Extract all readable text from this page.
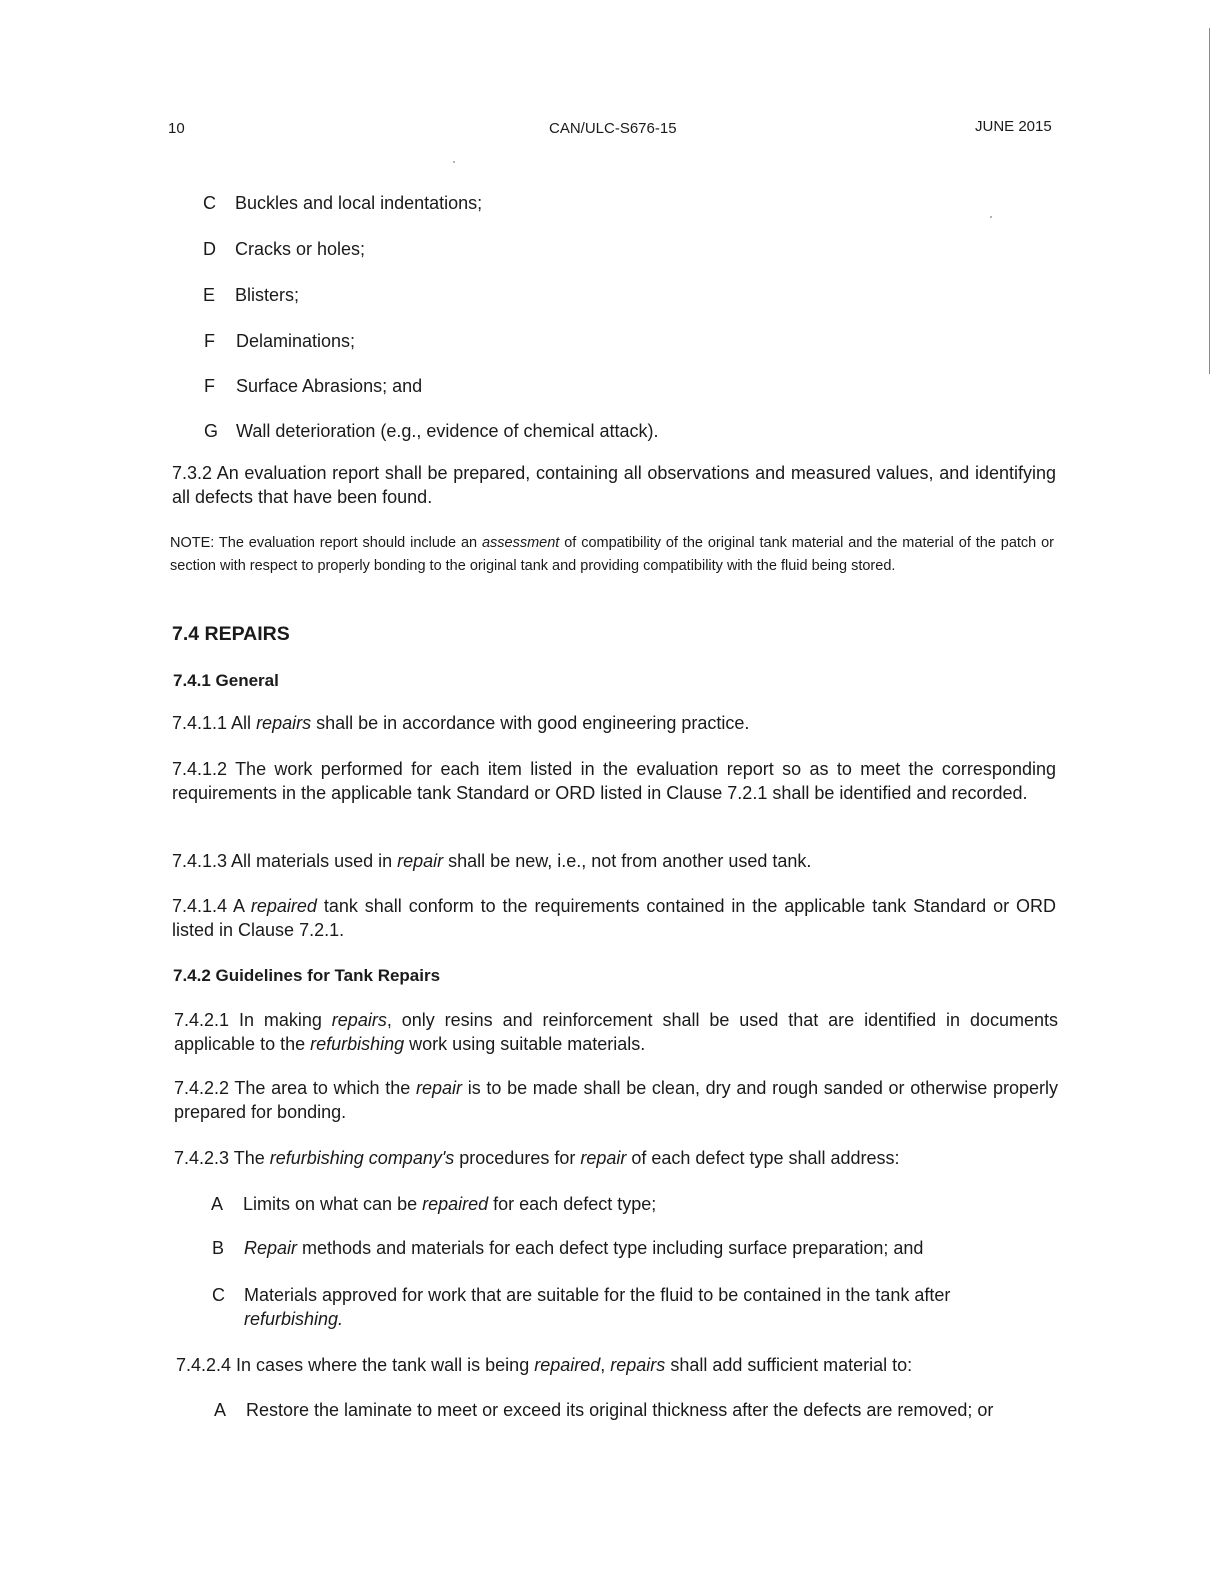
10	CAN/ULC-S676-15	JUNE 2015
C Buckles and local indentations;
D Cracks or holes;
E Blisters;
F Delaminations;
F Surface Abrasions; and
G Wall deterioration (e.g., evidence of chemical attack).
7.3.2 An evaluation report shall be prepared, containing all observations and measured values, and identifying all defects that have been found.
NOTE: The evaluation report should include an assessment of compatibility of the original tank material and the material of the patch or section with respect to properly bonding to the original tank and providing compatibility with the fluid being stored.
7.4 REPAIRS
7.4.1 General
7.4.1.1 All repairs shall be in accordance with good engineering practice.
7.4.1.2 The work performed for each item listed in the evaluation report so as to meet the corresponding requirements in the applicable tank Standard or ORD listed in Clause 7.2.1 shall be identified and recorded.
7.4.1.3 All materials used in repair shall be new, i.e., not from another used tank.
7.4.1.4 A repaired tank shall conform to the requirements contained in the applicable tank Standard or ORD listed in Clause 7.2.1.
7.4.2 Guidelines for Tank Repairs
7.4.2.1 In making repairs, only resins and reinforcement shall be used that are identified in documents applicable to the refurbishing work using suitable materials.
7.4.2.2 The area to which the repair is to be made shall be clean, dry and rough sanded or otherwise properly prepared for bonding.
7.4.2.3 The refurbishing company's procedures for repair of each defect type shall address:
A Limits on what can be repaired for each defect type;
B Repair methods and materials for each defect type including surface preparation; and
C Materials approved for work that are suitable for the fluid to be contained in the tank after refurbishing.
7.4.2.4 In cases where the tank wall is being repaired, repairs shall add sufficient material to:
A Restore the laminate to meet or exceed its original thickness after the defects are removed; or
